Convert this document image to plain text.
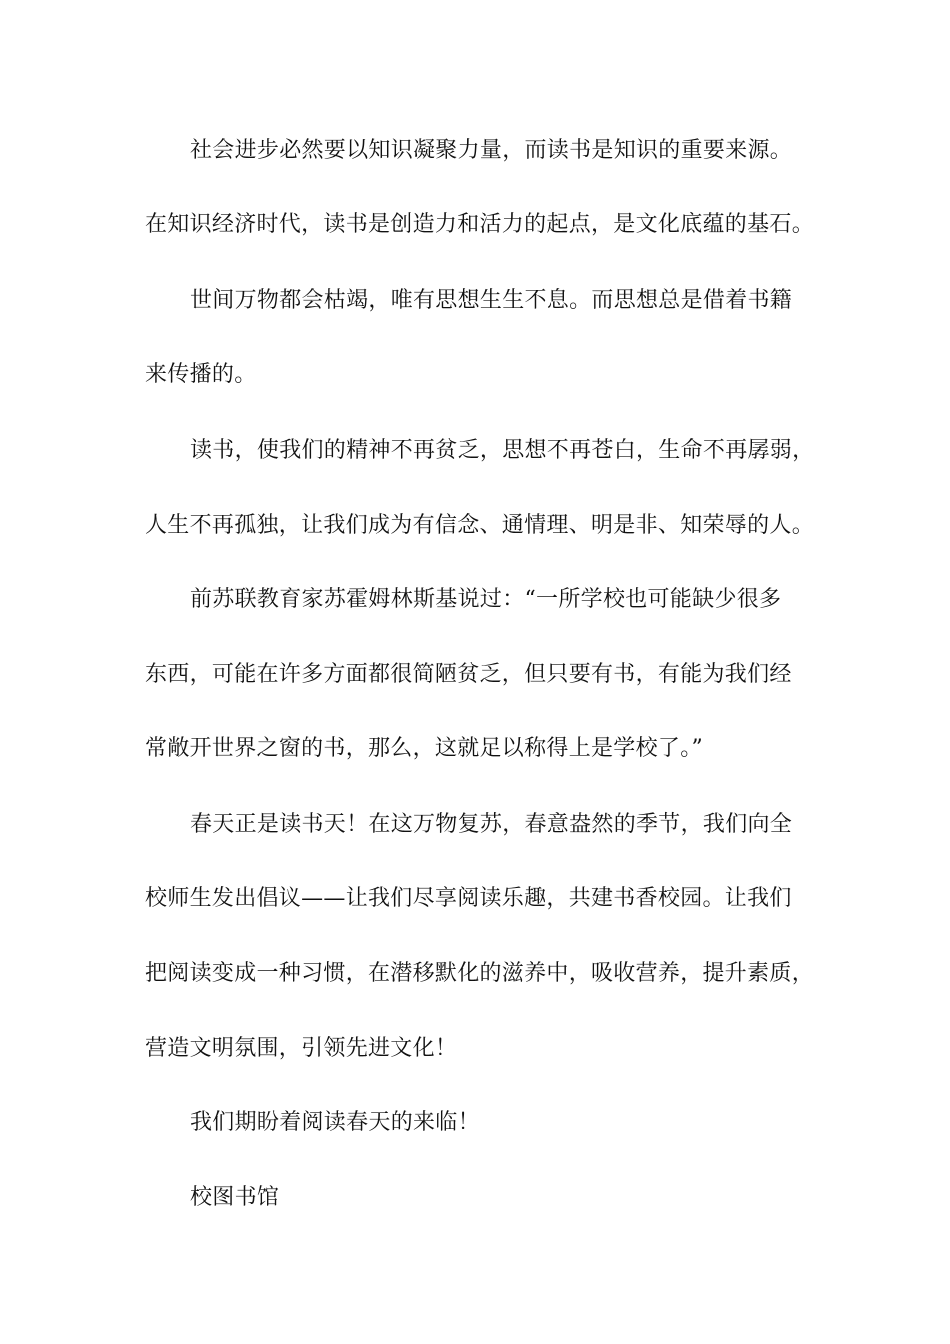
社会进步必然要以知识凝聚力量，而读书是知识的重要来源。
在知识经济时代，读书是创造力和活力的起点，是文化底蕴的基石。
世间万物都会枯竭，唯有思想生生不息。而思想总是借着书籍
来传播的。
读书，使我们的精神不再贫乏，思想不再苍白，生命不再孱弱，
人生不再孤独，让我们成为有信念、通情理、明是非、知荣辱的人。
前苏联教育家苏霍姆林斯基说过：“一所学校也可能缺少很多
东西，可能在许多方面都很简陋贫乏，但只要有书，有能为我们经
常敞开世界之窗的书，那么，这就足以称得上是学校了。”
春天正是读书天！在这万物复苏，春意盎然的季节，我们向全
校师生发出倡议——让我们尽享阅读乐趣，共建书香校园。让我们
把阅读变成一种习惯，在潜移默化的滋养中，吸收营养，提升素质，
营造文明氛围，引领先进文化！
我们期盼着阅读春天的来临！
校图书馆
